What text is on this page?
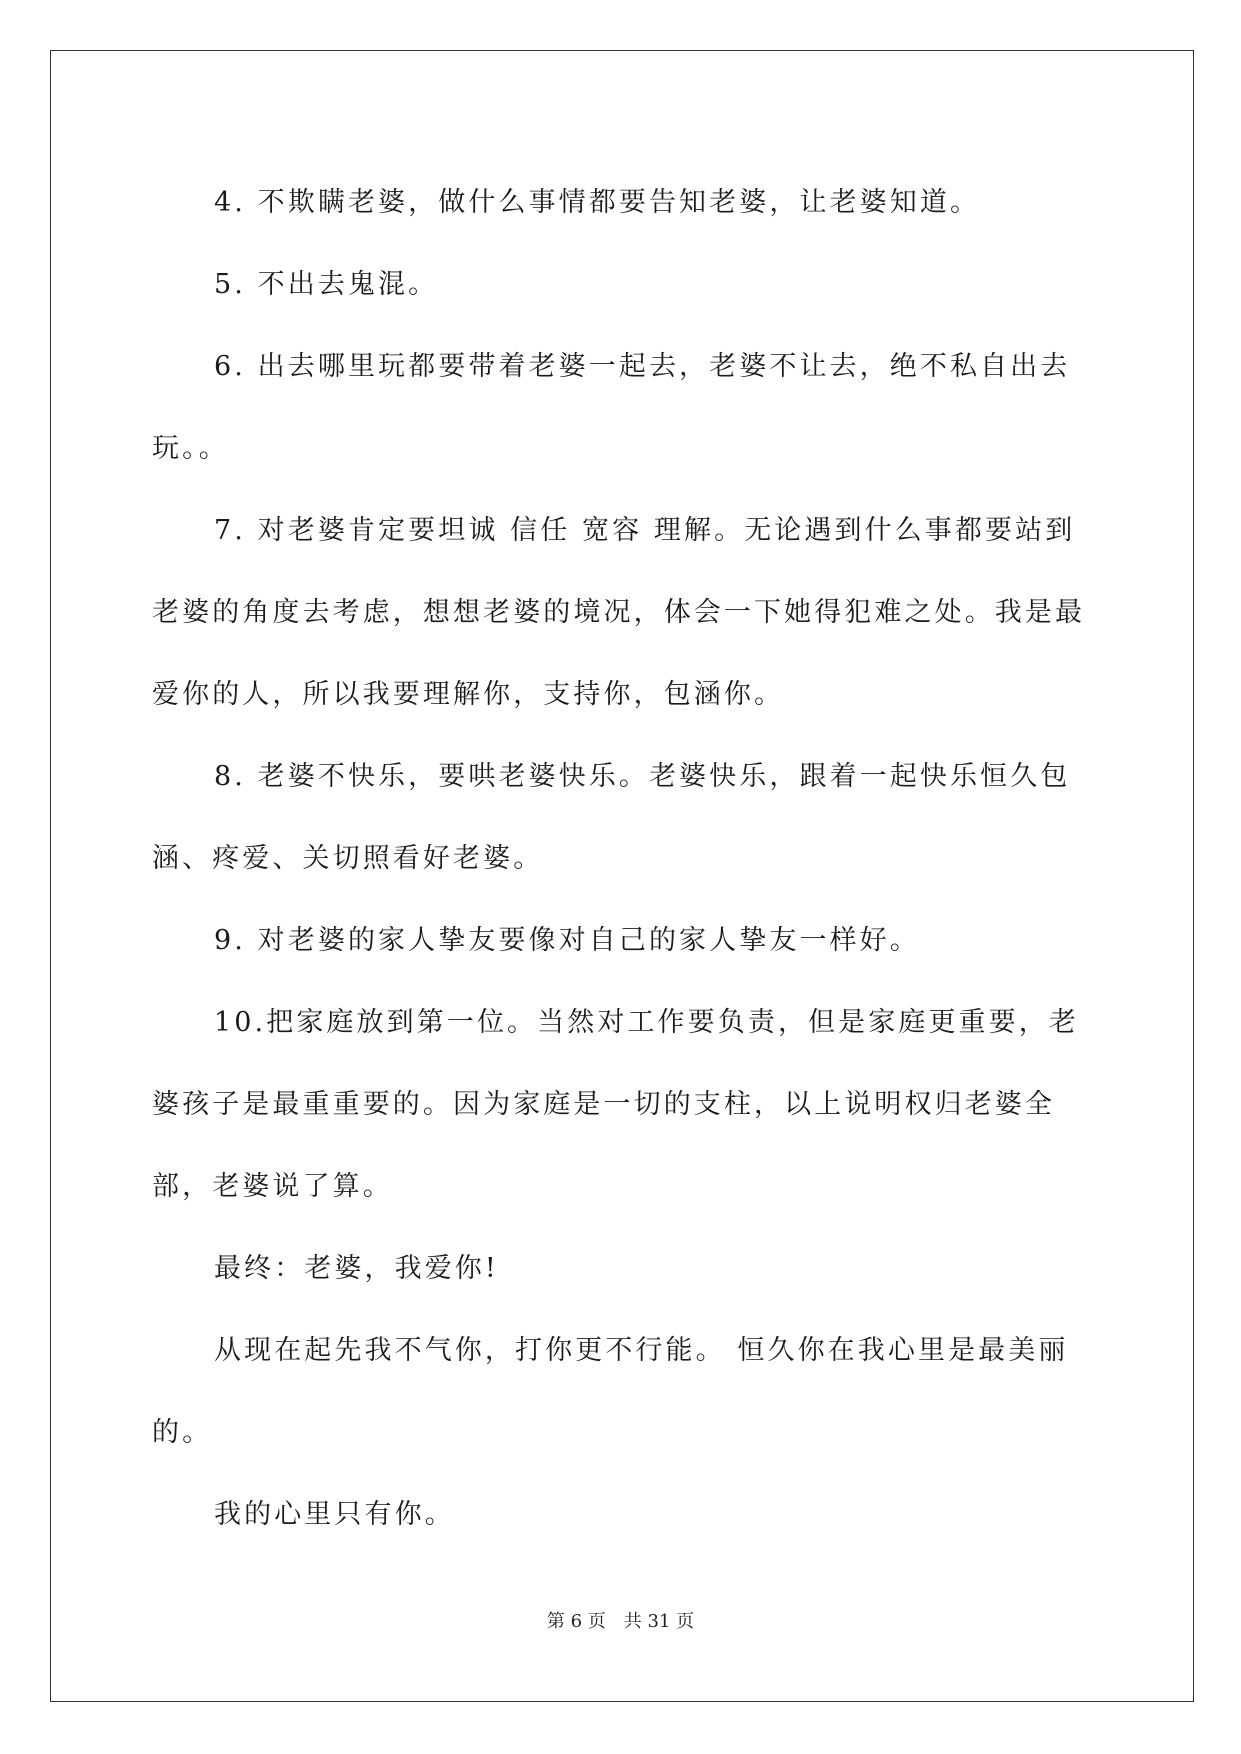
4. 不欺瞒老婆，做什么事情都要告知老婆，让老婆知道。

5. 不出去鬼混。

6. 出去哪里玩都要带着老婆一起去，老婆不让去，绝不私自出去玩。。

7. 对老婆肯定要坦诚 信任 宽容 理解。无论遇到什么事都要站到老婆的角度去考虑，想想老婆的境况，体会一下她得犯难之处。我是最爱你的人，所以我要理解你，支持你，包涵你。

8. 老婆不快乐，要哄老婆快乐。老婆快乐，跟着一起快乐恒久包涵、疼爱、关切照看好老婆。

9. 对老婆的家人挚友要像对自己的家人挚友一样好。

10.把家庭放到第一位。当然对工作要负责，但是家庭更重要，老婆孩子是最重重要的。因为家庭是一切的支柱，以上说明权归老婆全部，老婆说了算。

最终：老婆，我爱你!

从现在起先我不气你，打你更不行能。 恒久你在我心里是最美丽的。

我的心里只有你。

第 6 页 共 31 页
